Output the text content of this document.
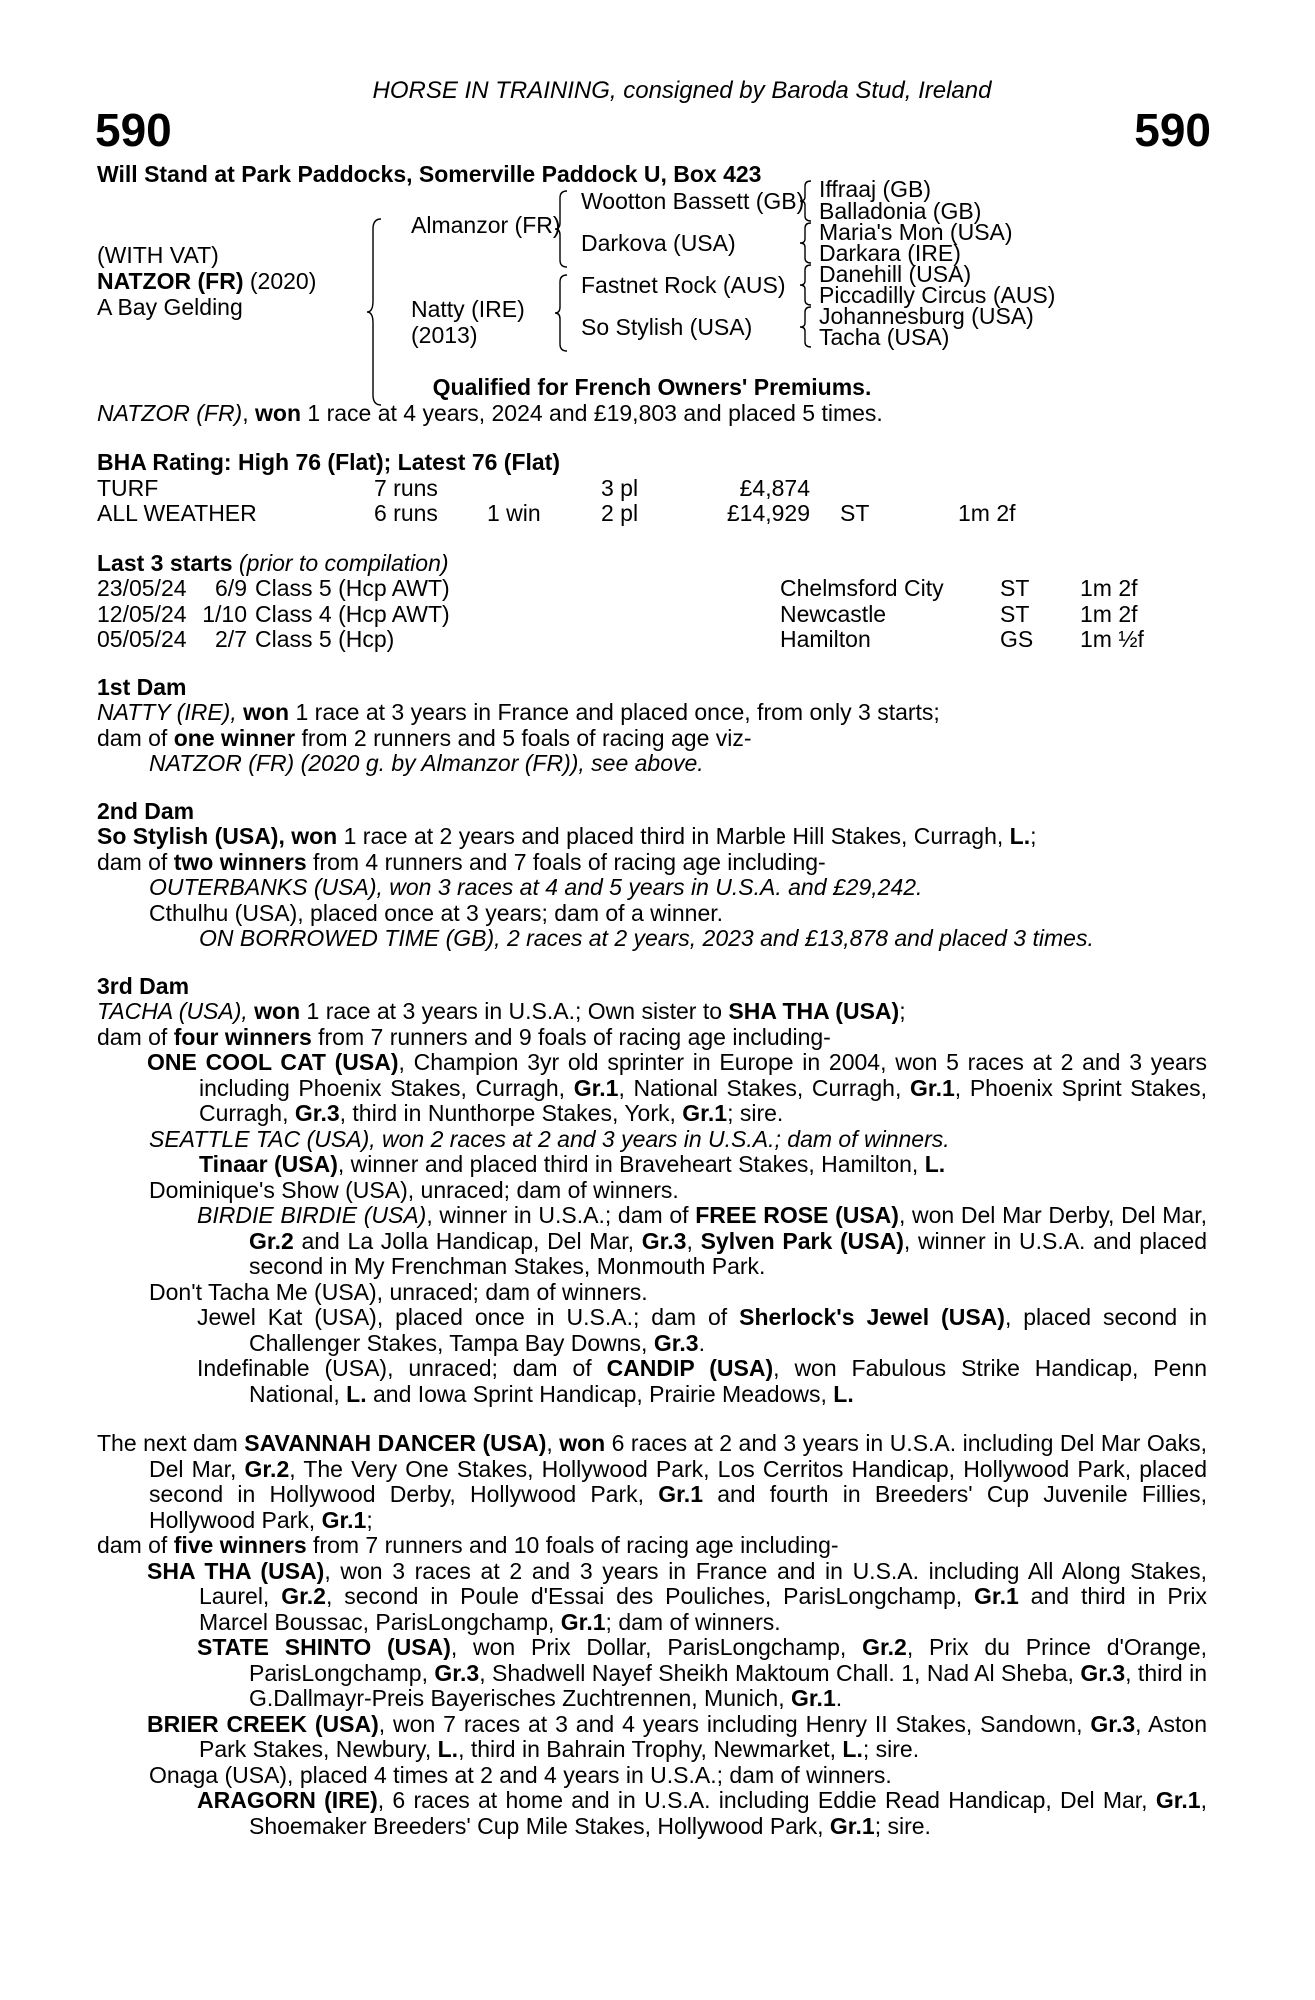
HORSE IN TRAINING, consigned by Baroda Stud, Ireland
590	590
Will Stand at Park Paddocks, Somerville Paddock U, Box 423
(WITH VAT)
NATZOR (FR) (2020)
A Bay Gelding
Almanzor (FR)
Natty (IRE)
(2013)
Wootton Bassett (GB)
Darkova (USA)
Fastnet Rock (AUS)
So Stylish (USA)
Iffraaj (GB)
Balladonia (GB)
Maria's Mon (USA)
Darkara (IRE)
Danehill (USA)
Piccadilly Circus (AUS)
Johannesburg (USA)
Tacha (USA)
Qualified for French Owners' Premiums.

NATZOR (FR), won 1 race at 4 years, 2024 and £19,803 and placed 5 times.

BHA Rating: High 76 (Flat); Latest 76 (Flat)
TURF	7 runs		3 pl	£4,874		
ALL WEATHER	6 runs	1 win	2 pl	£14,929	ST	1m 2f
Last 3 starts (prior to compilation)
23/05/24	6/9	Class 5 (Hcp AWT)	Chelmsford City	ST	1m 2f
12/05/24	1/10	Class 4 (Hcp AWT)	Newcastle	ST	1m 2f
05/05/24	2/7	Class 5 (Hcp)	Hamilton	GS	1m ½f
1st Dam

NATTY (IRE), won 1 race at 3 years in France and placed once, from only 3 starts;

dam of one winner from 2 runners and 5 foals of racing age viz-

NATZOR (FR) (2020 g. by Almanzor (FR)), see above.

2nd Dam

So Stylish (USA), won 1 race at 2 years and placed third in Marble Hill Stakes, Curragh, L.;

dam of two winners from 4 runners and 7 foals of racing age including-

OUTERBANKS (USA), won 3 races at 4 and 5 years in U.S.A. and £29,242.

Cthulhu (USA), placed once at 3 years; dam of a winner.

ON BORROWED TIME (GB), 2 races at 2 years, 2023 and £13,878 and placed 3 times.

3rd Dam

TACHA (USA), won 1 race at 3 years in U.S.A.; Own sister to SHA THA (USA);

dam of four winners from 7 runners and 9 foals of racing age including-

ONE COOL CAT (USA), Champion 3yr old sprinter in Europe in 2004, won 5 races at 2 and 3 years including Phoenix Stakes, Curragh, Gr.1, National Stakes, Curragh, Gr.1, Phoenix Sprint Stakes, Curragh, Gr.3, third in Nunthorpe Stakes, York, Gr.1; sire.

SEATTLE TAC (USA), won 2 races at 2 and 3 years in U.S.A.; dam of winners.

Tinaar (USA), winner and placed third in Braveheart Stakes, Hamilton, L.

Dominique's Show (USA), unraced; dam of winners.

BIRDIE BIRDIE (USA), winner in U.S.A.; dam of FREE ROSE (USA), won Del Mar Derby, Del Mar, Gr.2 and La Jolla Handicap, Del Mar, Gr.3, Sylven Park (USA), winner in U.S.A. and placed second in My Frenchman Stakes, Monmouth Park.

Don't Tacha Me (USA), unraced; dam of winners.

Jewel Kat (USA), placed once in U.S.A.; dam of Sherlock's Jewel (USA), placed second in Challenger Stakes, Tampa Bay Downs, Gr.3.

Indefinable (USA), unraced; dam of CANDIP (USA), won Fabulous Strike Handicap, Penn National, L. and Iowa Sprint Handicap, Prairie Meadows, L.

The next dam SAVANNAH DANCER (USA), won 6 races at 2 and 3 years in U.S.A. including Del Mar Oaks, Del Mar, Gr.2, The Very One Stakes, Hollywood Park, Los Cerritos Handicap, Hollywood Park, placed second in Hollywood Derby, Hollywood Park, Gr.1 and fourth in Breeders' Cup Juvenile Fillies, Hollywood Park, Gr.1;

dam of five winners from 7 runners and 10 foals of racing age including-

SHA THA (USA), won 3 races at 2 and 3 years in France and in U.S.A. including All Along Stakes, Laurel, Gr.2, second in Poule d'Essai des Pouliches, ParisLongchamp, Gr.1 and third in Prix Marcel Boussac, ParisLongchamp, Gr.1; dam of winners.

STATE SHINTO (USA), won Prix Dollar, ParisLongchamp, Gr.2, Prix du Prince d'Orange, ParisLongchamp, Gr.3, Shadwell Nayef Sheikh Maktoum Chall. 1, Nad Al Sheba, Gr.3, third in G.Dallmayr-Preis Bayerisches Zuchtrennen, Munich, Gr.1.

BRIER CREEK (USA), won 7 races at 3 and 4 years including Henry II Stakes, Sandown, Gr.3, Aston Park Stakes, Newbury, L., third in Bahrain Trophy, Newmarket, L.; sire.

Onaga (USA), placed 4 times at 2 and 4 years in U.S.A.; dam of winners.

ARAGORN (IRE), 6 races at home and in U.S.A. including Eddie Read Handicap, Del Mar, Gr.1, Shoemaker Breeders' Cup Mile Stakes, Hollywood Park, Gr.1; sire.
